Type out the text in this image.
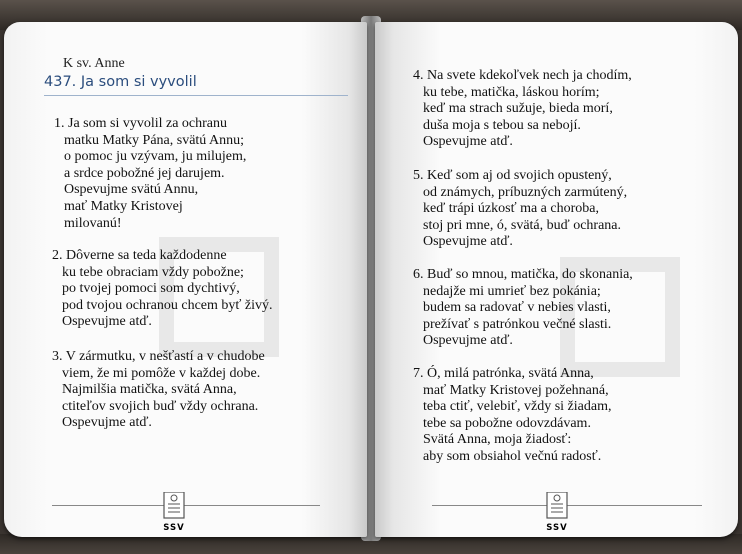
K sv. Anne
437. Ja som si vyvolil
1. Ja som si vyvolil za ochranu
matku Matky Pána, svätú Annu;
o pomoc ju vzývam, ju milujem,
a srdce pobožné jej darujem.
Ospevujme svätú Annu,
mať Matky Kristovej
milovanú!
2. Dôverne sa teda každodenne
ku tebe obraciam vždy pobožne;
po tvojej pomoci som dychtivý,
pod tvojou ochranou chcem byť živý.
Ospevujme atď.
3. V zármutku, v nešťastí a v chudobe
viem, že mi pomôže v každej dobe.
Najmilšia matička, svätá Anna,
ctiteľov svojich buď vždy ochrana.
Ospevujme atď.
SSV
4. Na svete kdekoľvek nech ja chodím,
ku tebe, matička, láskou horím;
keď ma strach sužuje, bieda morí,
duša moja s tebou sa nebojí.
Ospevujme atď.
5. Keď som aj od svojich opustený,
od známych, príbuzných zarmútený,
keď trápi úzkosť ma a choroba,
stoj pri mne, ó, svätá, buď ochrana.
Ospevujme atď.
6. Buď so mnou, matička, do skonania,
nedajže mi umrieť bez pokánia;
budem sa radovať v nebies vlasti,
prežívať s patrónkou večné slasti.
Ospevujme atď.
7. Ó, milá patrónka, svätá Anna,
mať Matky Kristovej požehnaná,
teba ctiť, velebiť, vždy si žiadam,
tebe sa pobožne odovzdávam.
Svätá Anna, moja žiadosť:
aby som obsiahol večnú radosť.
SSV
